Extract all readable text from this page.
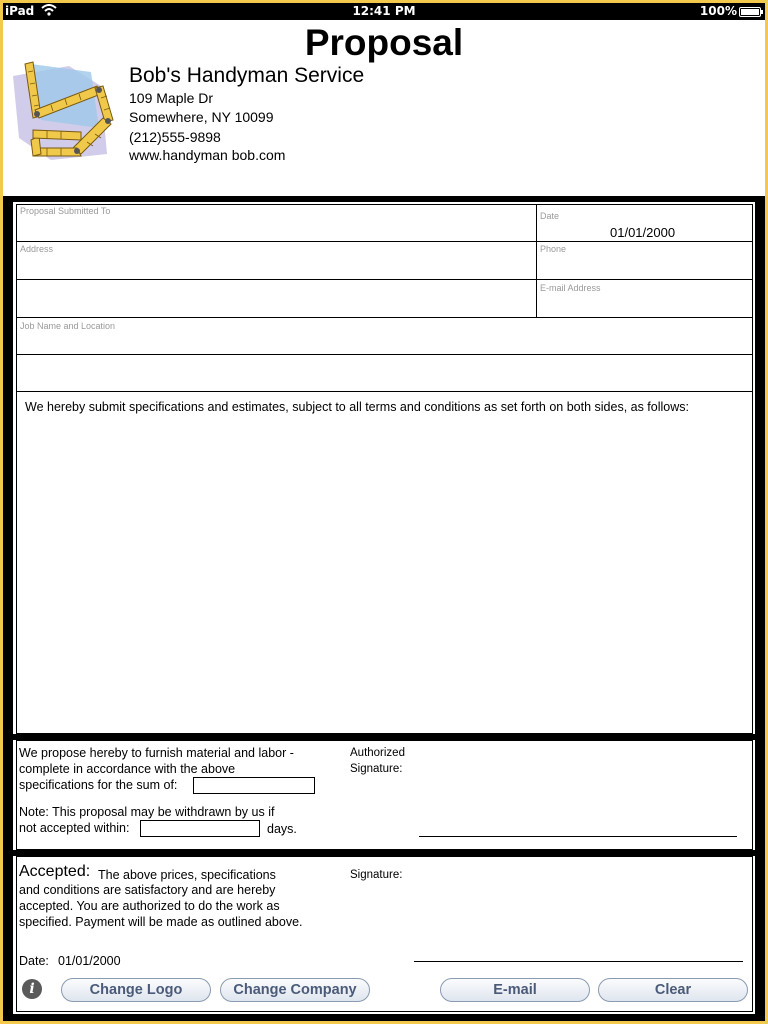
iPad	12:41 PM	100%
Proposal
Bob's Handyman Service
109 Maple Dr
Somewhere, NY 10099
(212)555-9898
www.handyman bob.com
Proposal Submitted To	Date
01/01/2000
Address	Phone
E-mail Address
Job Name and Location
We hereby submit specifications and estimates, subject to all terms and conditions as set forth on both sides, as follows:
We propose hereby to furnish material and labor -
complete in accordance with the above
specifications for the sum of:
Note: This proposal may be withdrawn by us if
not accepted within:	days.
Authorized
Signature:
Accepted: The above prices, specifications
and conditions are satisfactory and are hereby
accepted. You are authorized to do the work as
specified. Payment will be made as outlined above.
Signature:
Date: 01/01/2000
i	Change Logo	Change Company	E-mail	Clear
